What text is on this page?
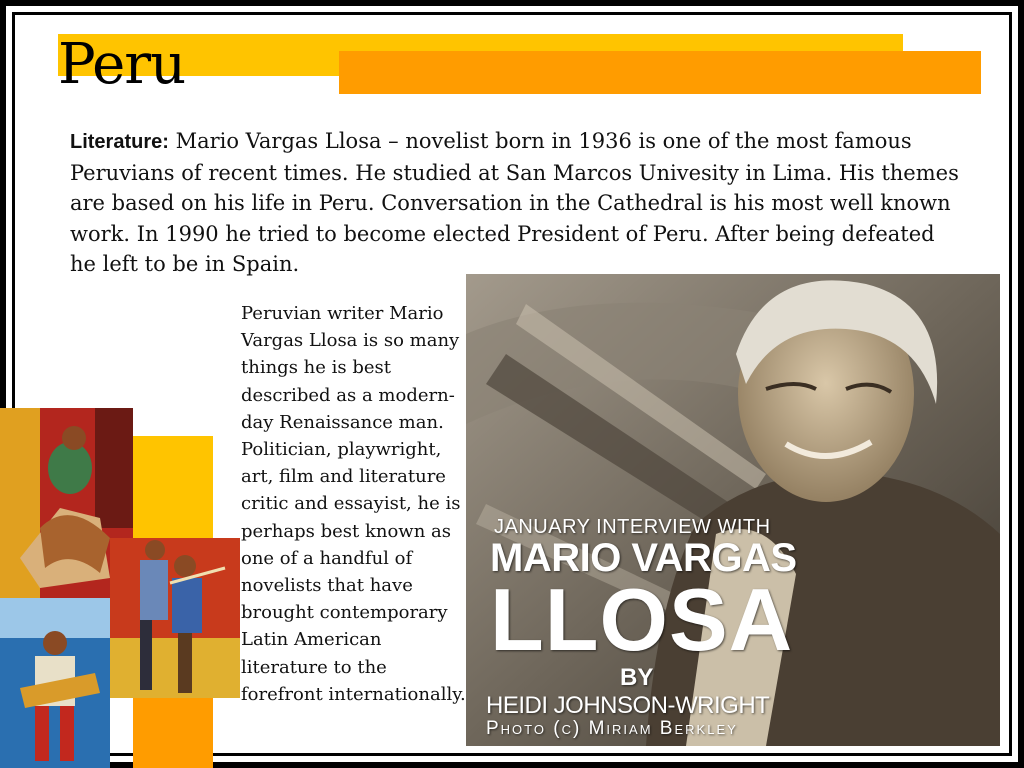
Peru
Literature: Mario Vargas Llosa – novelist born in 1936 is one of the most famous Peruvians of recent times. He studied at San Marcos Univesity in Lima. His themes are based on his life in Peru. Conversation in the Cathedral is his most well known work. In 1990 he tried to become elected President of Peru. After being defeated he left to be in Spain.
Peruvian writer Mario Vargas Llosa is so many things he is best described as a modern-day Renaissance man. Politician, playwright, art, film and literature critic and essayist, he is perhaps best known as one of a handful of novelists that have brought contemporary Latin American literature to the forefront internationally.
JANUARY INTERVIEW WITH
MARIO VARGAS
LLOSA
BY
HEIDI JOHNSON-WRIGHT
Photo (c) Miriam Berkley
